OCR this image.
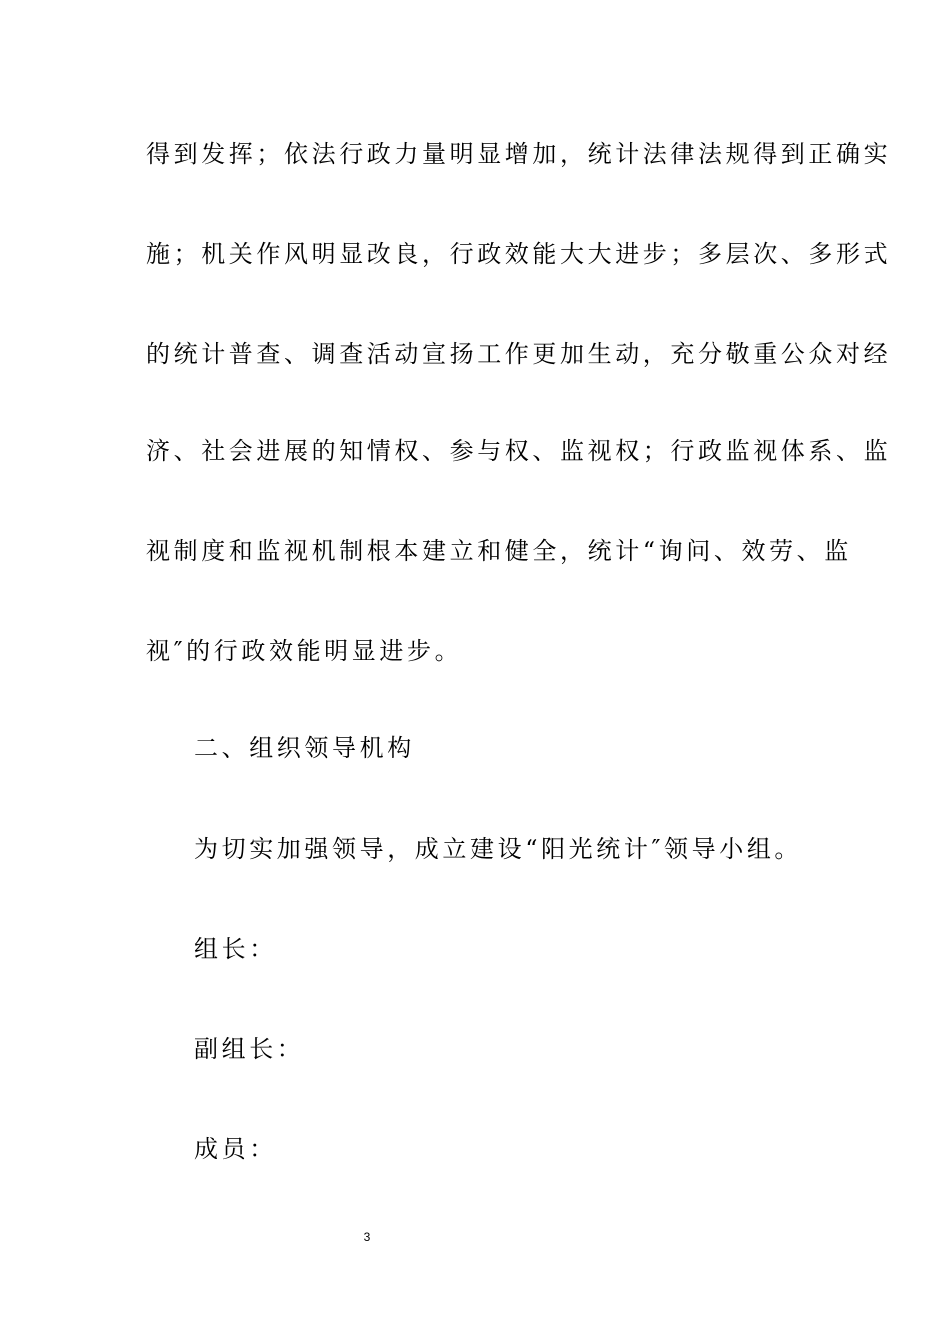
得到发挥；依法行政力量明显增加，统计法律法规得到正确实
施；机关作风明显改良，行政效能大大进步；多层次、多形式
的统计普查、调查活动宣扬工作更加生动，充分敬重公众对经
济、社会进展的知情权、参与权、监视权；行政监视体系、监
视制度和监视机制根本建立和健全，统计“询问、效劳、监
视″的行政效能明显进步。
二、组织领导机构
为切实加强领导，成立建设“阳光统计″领导小组。
组长：
副组长：
成员：
3
